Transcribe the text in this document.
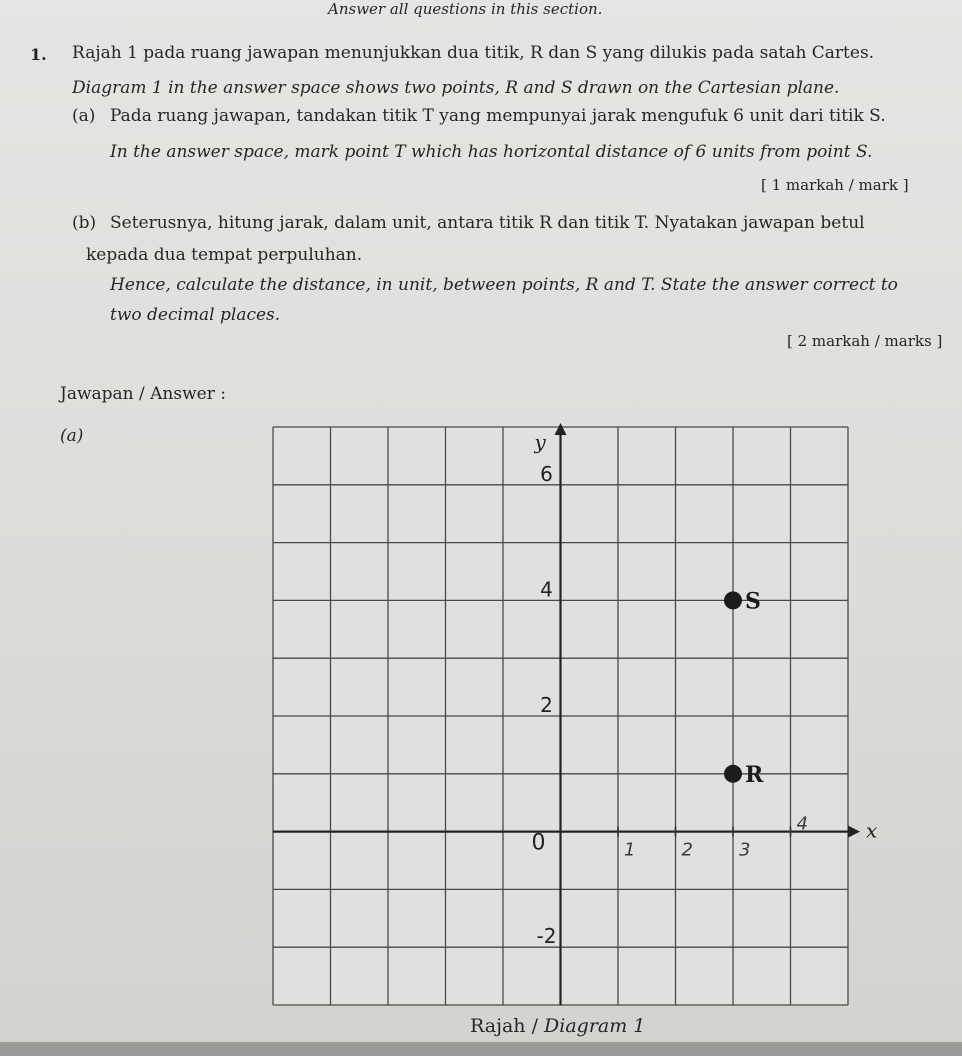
Answer all questions in this section.
1. Rajah 1 pada ruang jawapan menunjukkan dua titik, R dan S yang dilukis pada satah Cartes.
Diagram 1 in the answer space shows two points, R and S drawn on the Cartesian plane.
(a) Pada ruang jawapan, tandakan titik T yang mempunyai jarak mengufuk 6 unit dari titik S.
In the answer space, mark point T which has horizontal distance of 6 units from point S.
[ 1 markah / mark ]
(b) Seterusnya, hitung jarak, dalam unit, antara titik R dan titik T. Nyatakan jawapan betul
kepada dua tempat perpuluhan.
Hence, calculate the distance, in unit, between points, R and T. State the answer correct to
two decimal places.
[ 2 markah / marks ]
Jawapan / Answer :
(a)
x
y
6
4
2
0
-2
1	2	3
4
S
R
Rajah / Diagram 1
